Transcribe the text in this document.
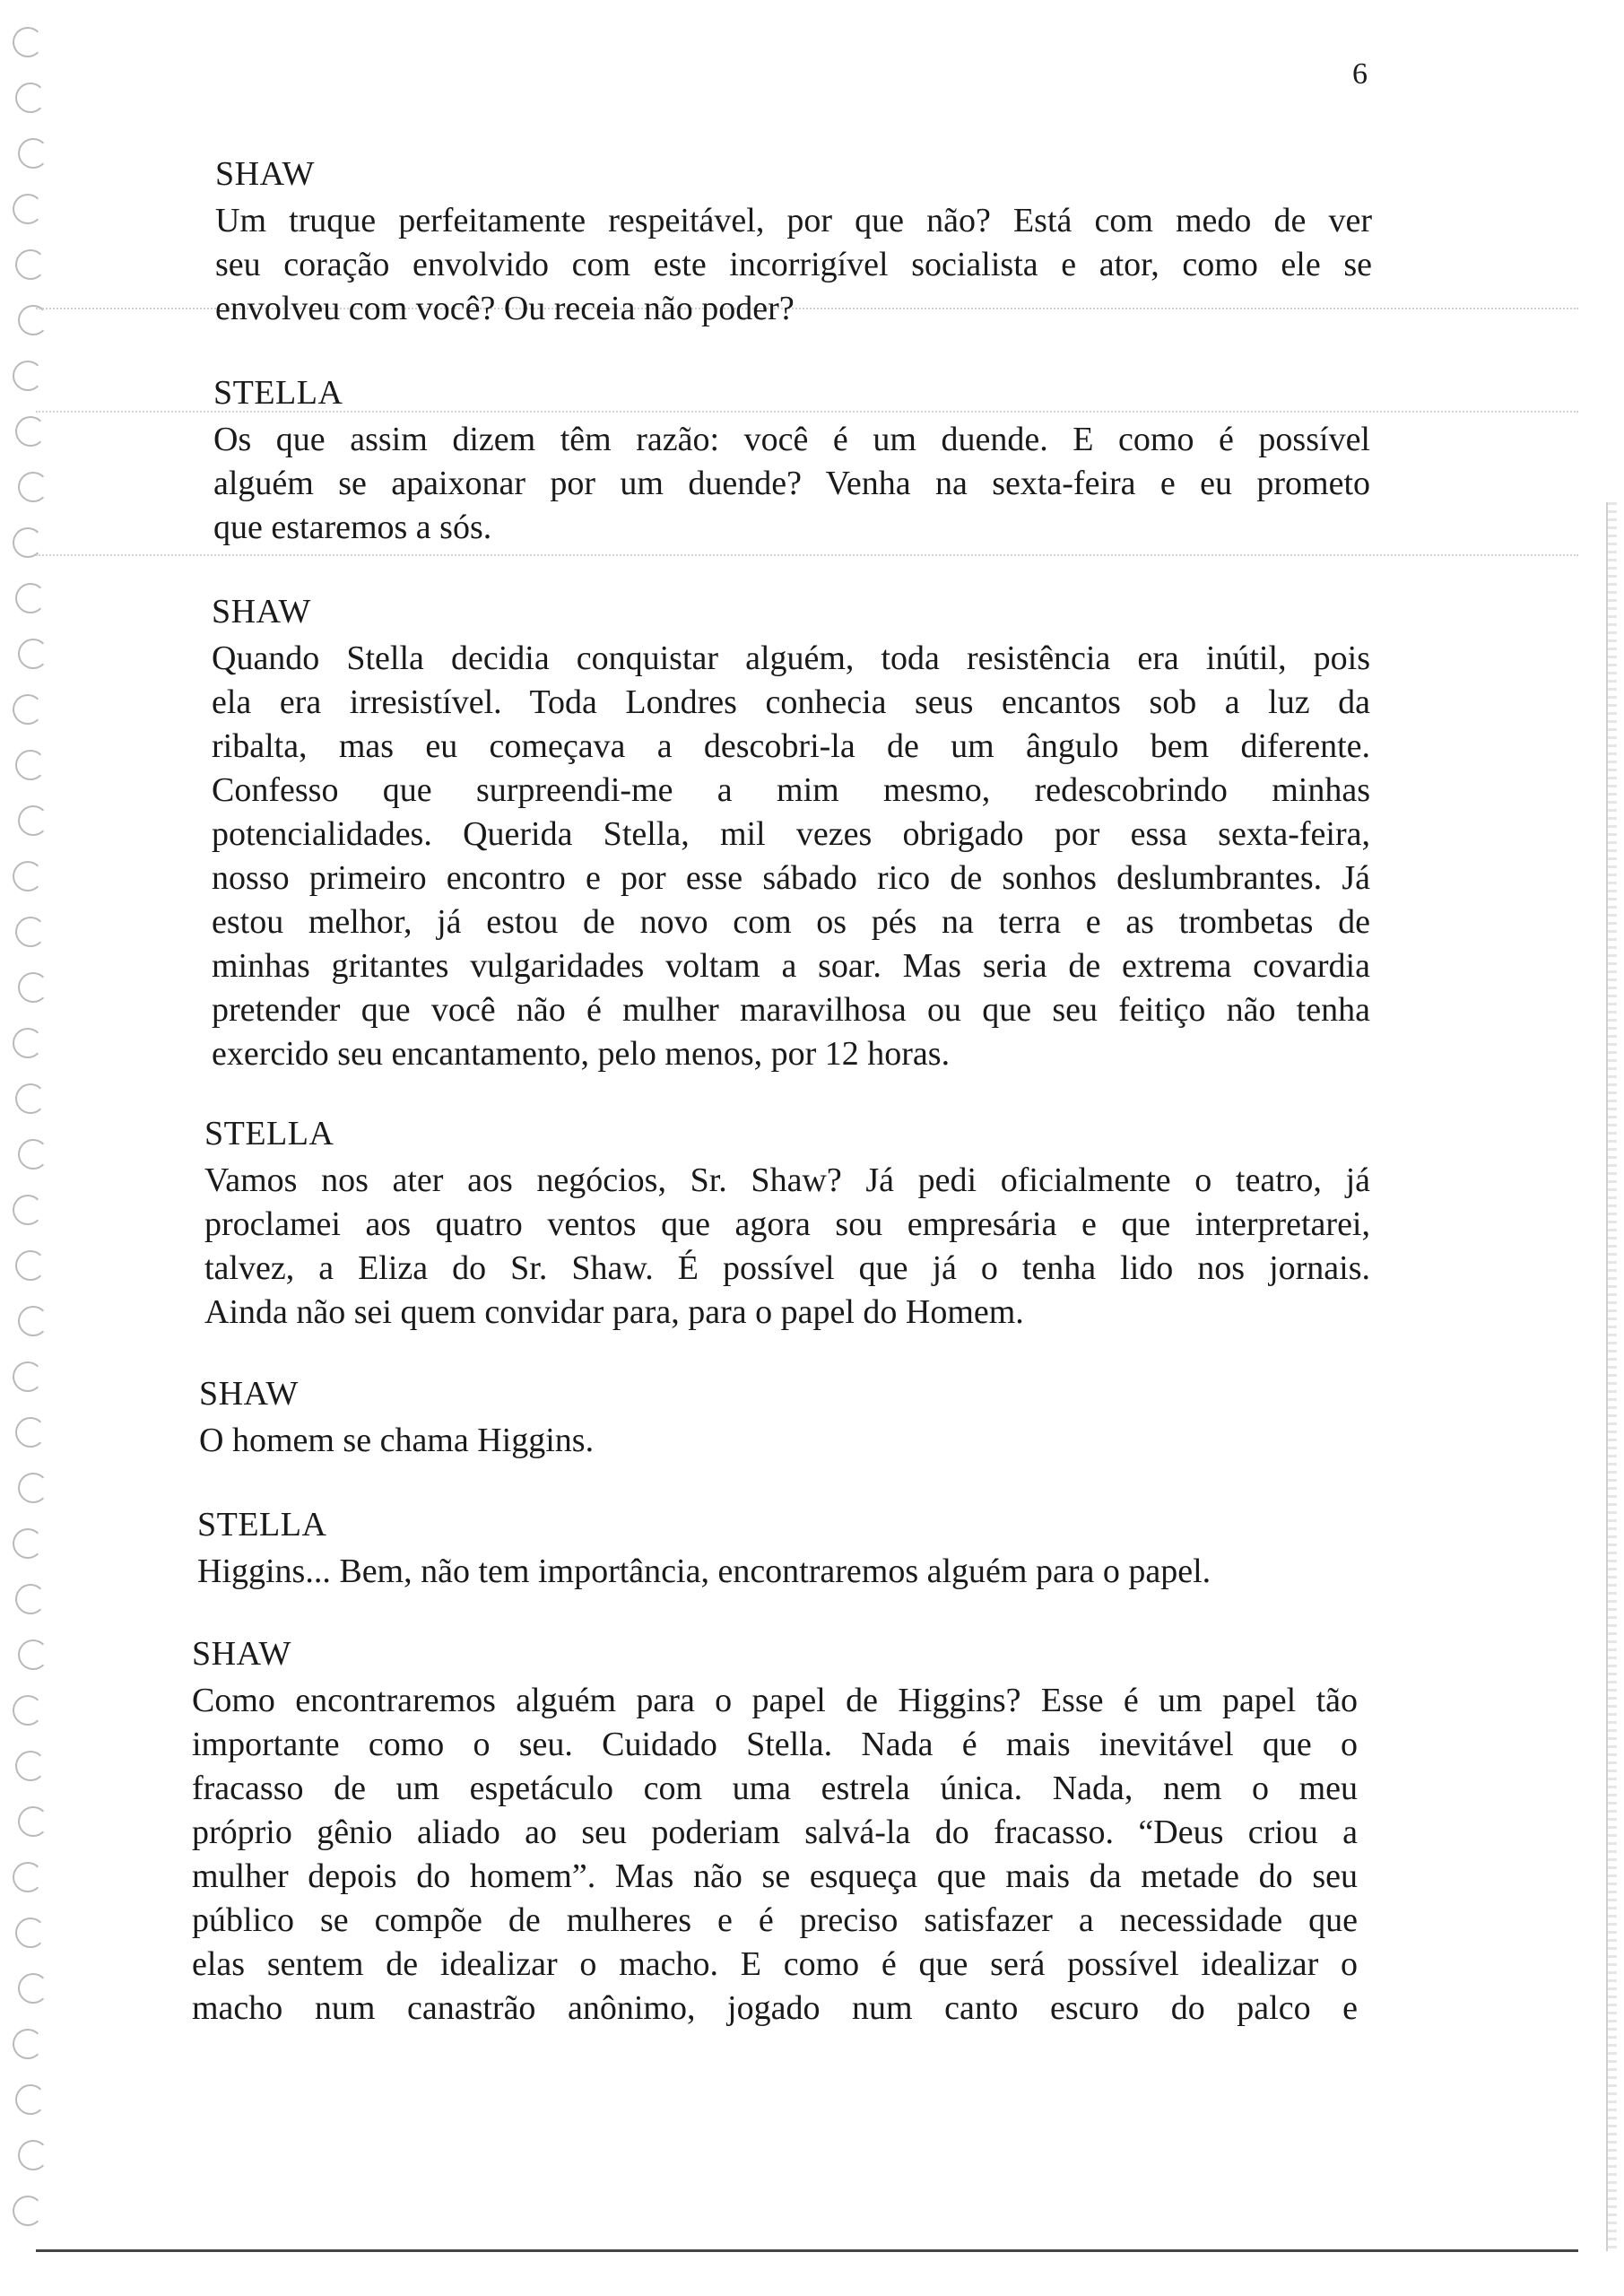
6
SHAW
Um truque perfeitamente respeitável, por que não? Está com medo de ver
seu coração envolvido com este incorrigível socialista e ator, como ele se
envolveu com você? Ou receia não poder?
STELLA
Os que assim dizem têm razão: você é um duende. E como é possível
alguém se apaixonar por um duende? Venha na sexta-feira e eu prometo
que estaremos a sós.
SHAW
Quando Stella decidia conquistar alguém, toda resistência era inútil, pois
ela era irresistível. Toda Londres conhecia seus encantos sob a luz da
ribalta, mas eu começava a descobri-la de um ângulo bem diferente.
Confesso que surpreendi-me a mim mesmo, redescobrindo minhas
potencialidades. Querida Stella, mil vezes obrigado por essa sexta-feira,
nosso primeiro encontro e por esse sábado rico de sonhos deslumbrantes. Já
estou melhor, já estou de novo com os pés na terra e as trombetas de
minhas gritantes vulgaridades voltam a soar. Mas seria de extrema covardia
pretender que você não é mulher maravilhosa ou que seu feitiço não tenha
exercido seu encantamento, pelo menos, por 12 horas.
STELLA
Vamos nos ater aos negócios, Sr. Shaw? Já pedi oficialmente o teatro, já
proclamei aos quatro ventos que agora sou empresária e que interpretarei,
talvez, a Eliza do Sr. Shaw. É possível que já o tenha lido nos jornais.
Ainda não sei quem convidar para, para o papel do Homem.
SHAW
O homem se chama Higgins.
STELLA
Higgins... Bem, não tem importância, encontraremos alguém para o papel.
SHAW
Como encontraremos alguém para o papel de Higgins? Esse é um papel tão
importante como o seu. Cuidado Stella. Nada é mais inevitável que o
fracasso de um espetáculo com uma estrela única. Nada, nem o meu
próprio gênio aliado ao seu poderiam salvá-la do fracasso. “Deus criou a
mulher depois do homem”. Mas não se esqueça que mais da metade do seu
público se compõe de mulheres e é preciso satisfazer a necessidade que
elas sentem de idealizar o macho. E como é que será possível idealizar o
macho num canastrão anônimo, jogado num canto escuro do palco e
